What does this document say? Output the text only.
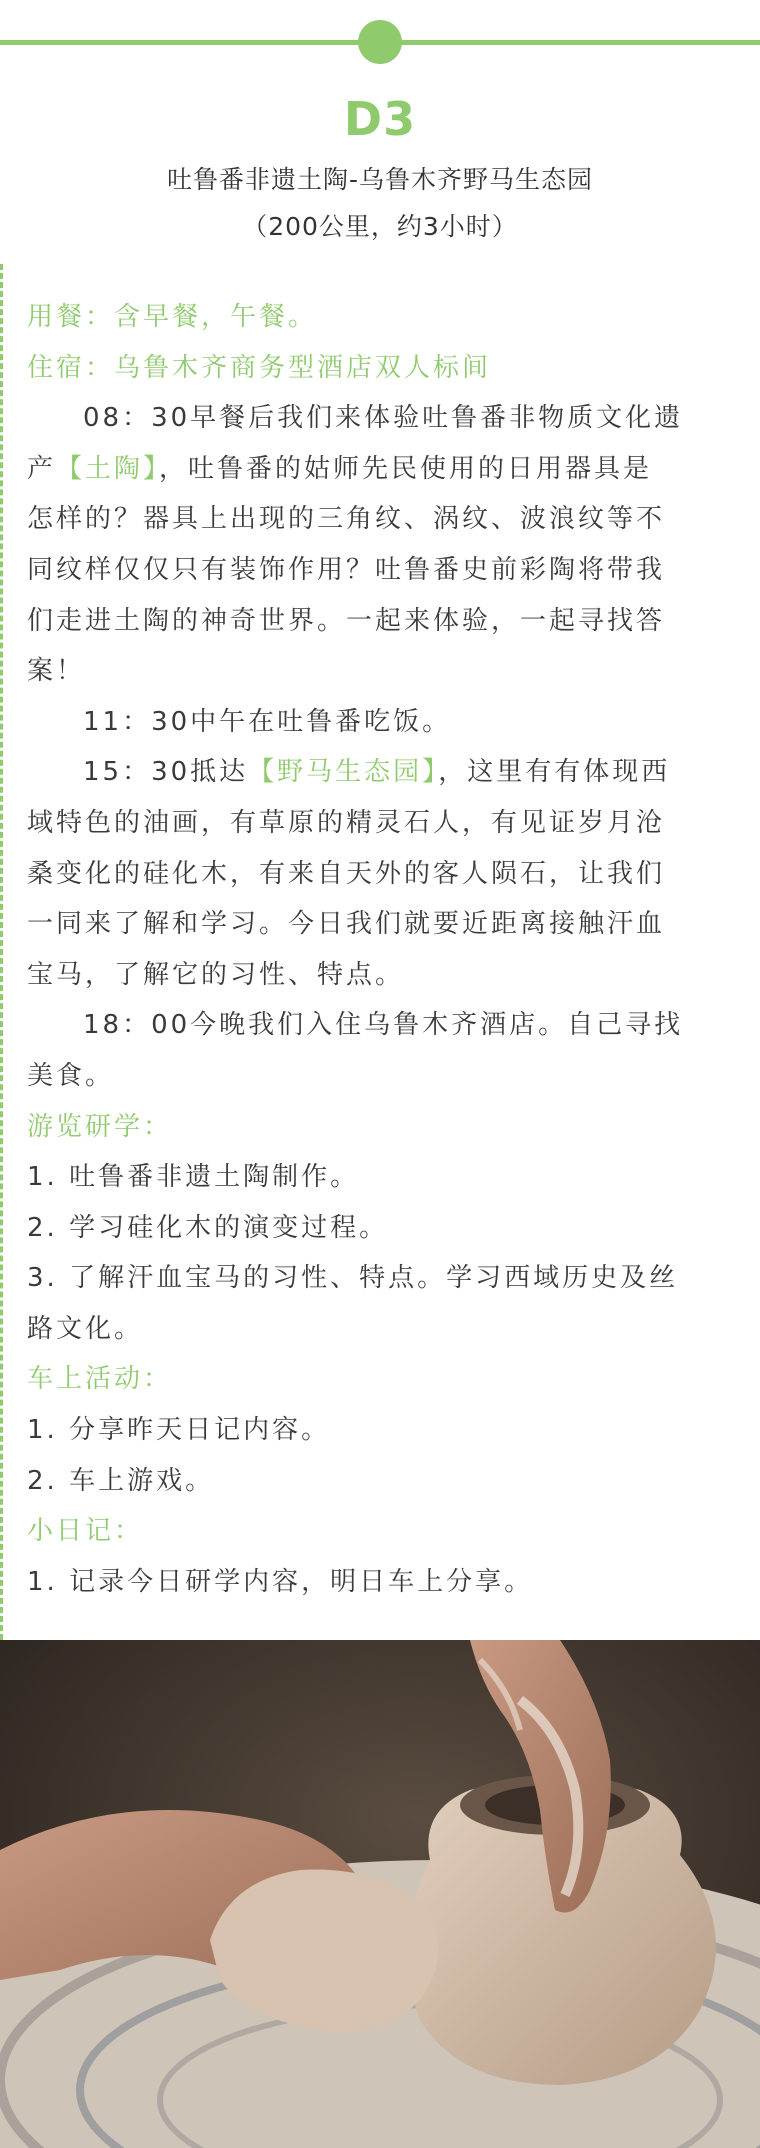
D3
吐鲁番非遗土陶-乌鲁木齐野马生态园
（200公里，约3小时）
用餐：含早餐，午餐。
住宿：乌鲁木齐商务型酒店双人标间
08：30早餐后我们来体验吐鲁番非物质文化遗
产【土陶】，吐鲁番的姑师先民使用的日用器具是
怎样的？器具上出现的三角纹、涡纹、波浪纹等不
同纹样仅仅只有装饰作用？吐鲁番史前彩陶将带我
们走进土陶的神奇世界。一起来体验，一起寻找答
案！
11：30中午在吐鲁番吃饭。
15：30抵达【野马生态园】，这里有有体现西
域特色的油画，有草原的精灵石人，有见证岁月沧
桑变化的硅化木，有来自天外的客人陨石，让我们
一同来了解和学习。今日我们就要近距离接触汗血
宝马，了解它的习性、特点。
18：00今晚我们入住乌鲁木齐酒店。自己寻找
美食。
游览研学：
1. 吐鲁番非遗土陶制作。
2. 学习硅化木的演变过程。
3. 了解汗血宝马的习性、特点。学习西域历史及丝
路文化。
车上活动：
1. 分享昨天日记内容。
2. 车上游戏。
小日记：
1. 记录今日研学内容，明日车上分享。
